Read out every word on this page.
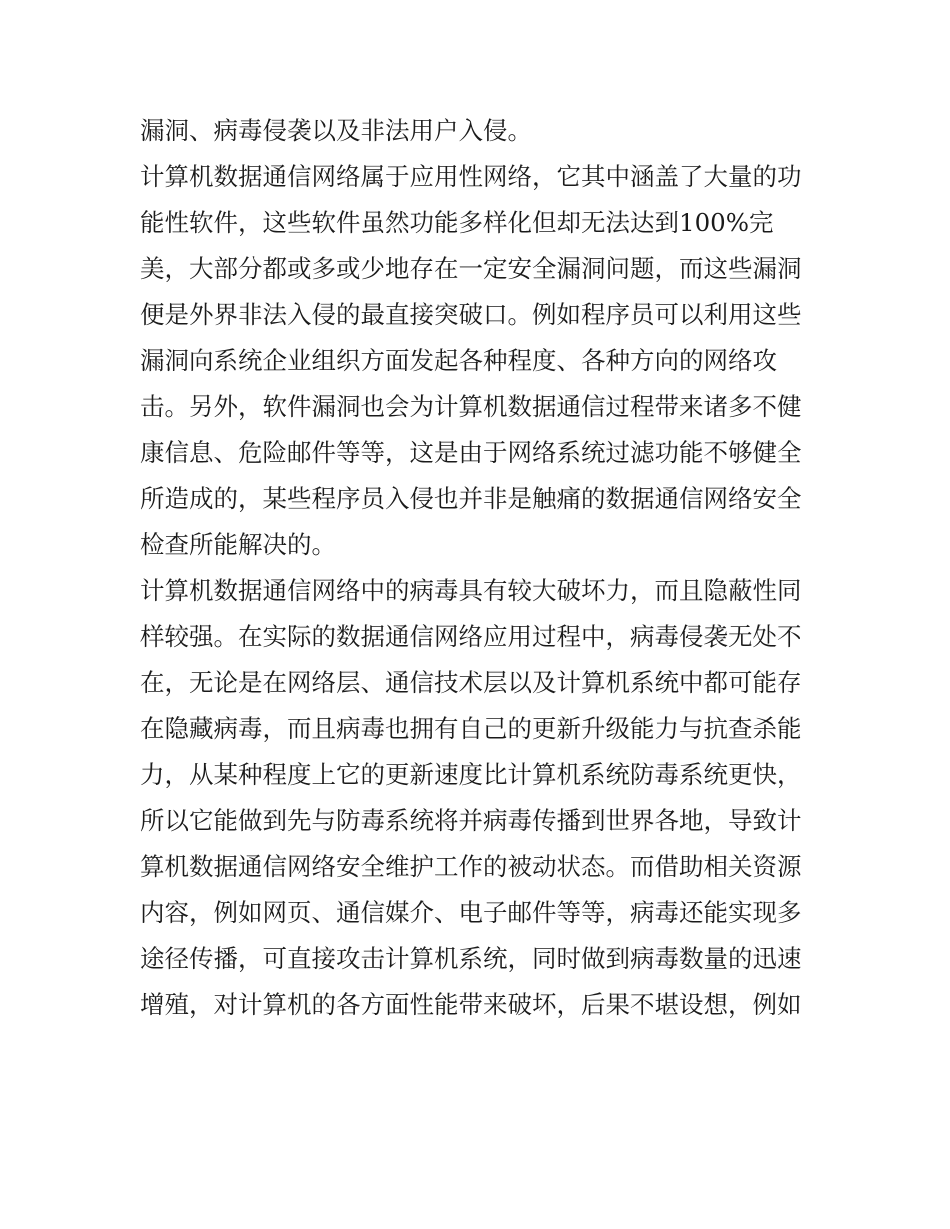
漏洞、病毒侵袭以及非法用户入侵。

计算机数据通信网络属于应用性网络，它其中涵盖了大量的功

能性软件，这些软件虽然功能多样化但却无法达到100%完

美，大部分都或多或少地存在一定安全漏洞问题，而这些漏洞

便是外界非法入侵的最直接突破口。例如程序员可以利用这些

漏洞向系统企业组织方面发起各种程度、各种方向的网络攻

击。另外，软件漏洞也会为计算机数据通信过程带来诸多不健

康信息、危险邮件等等，这是由于网络系统过滤功能不够健全

所造成的，某些程序员入侵也并非是触痛的数据通信网络安全

检查所能解决的。

计算机数据通信网络中的病毒具有较大破坏力，而且隐蔽性同

样较强。在实际的数据通信网络应用过程中，病毒侵袭无处不

在，无论是在网络层、通信技术层以及计算机系统中都可能存

在隐藏病毒，而且病毒也拥有自己的更新升级能力与抗查杀能

力，从某种程度上它的更新速度比计算机系统防毒系统更快，

所以它能做到先与防毒系统将并病毒传播到世界各地，导致计

算机数据通信网络安全维护工作的被动状态。而借助相关资源

内容，例如网页、通信媒介、电子邮件等等，病毒还能实现多

途径传播，可直接攻击计算机系统，同时做到病毒数量的迅速

增殖，对计算机的各方面性能带来破坏，后果不堪设想，例如
